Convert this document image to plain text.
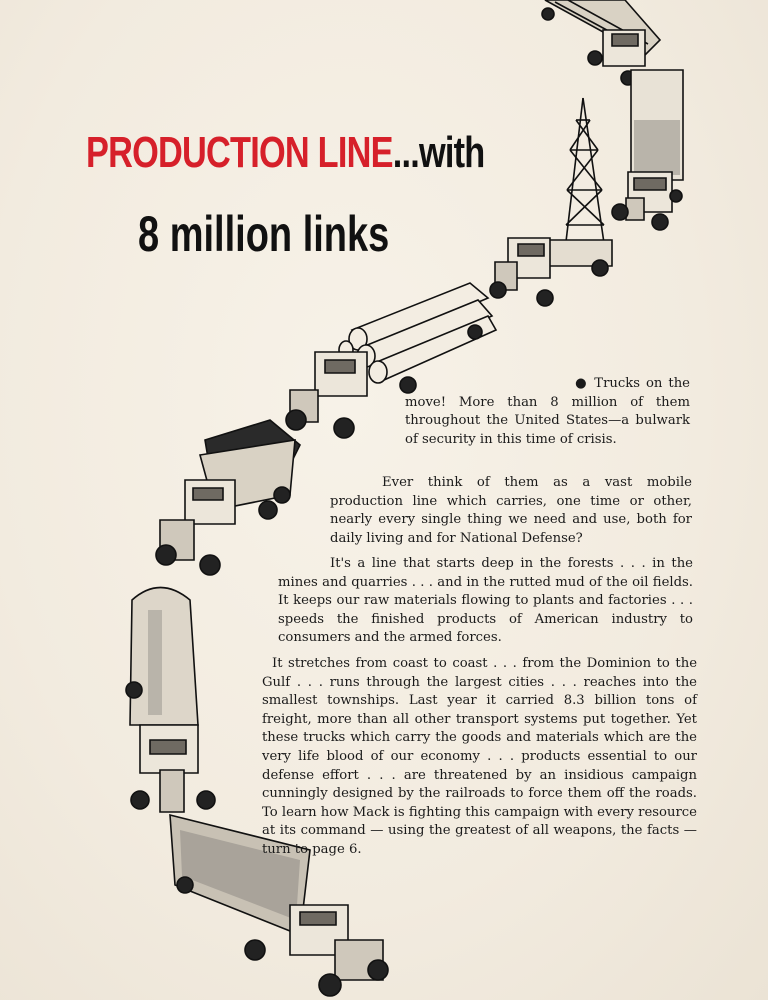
PRODUCTION LINE...with
8 million links

● Trucks on the move! More than 8 million of them throughout the United States—a bulwark of security in this time of crisis.

Ever think of them as a vast mobile production line which carries, one time or other, nearly every single thing we need and use, both for daily living and for National Defense?

It's a line that starts deep in the forests . . . in the mines and quarries . . . and in the rutted mud of the oil fields. It keeps our raw materials flowing to plants and factories . . . speeds the finished products of American industry to consumers and the armed forces.

It stretches from coast to coast . . . from the Dominion to the Gulf . . . runs through the largest cities . . . reaches into the smallest townships. Last year it carried 8.3 billion tons of freight, more than all other transport systems put together. Yet these trucks which carry the goods and materials which are the very life blood of our economy . . . products essential to our defense effort . . . are threatened by an insidious campaign cunningly designed by the railroads to force them off the roads. To learn how Mack is fighting this campaign with every resource at its command — using the greatest of all weapons, the facts — turn to page 6.
